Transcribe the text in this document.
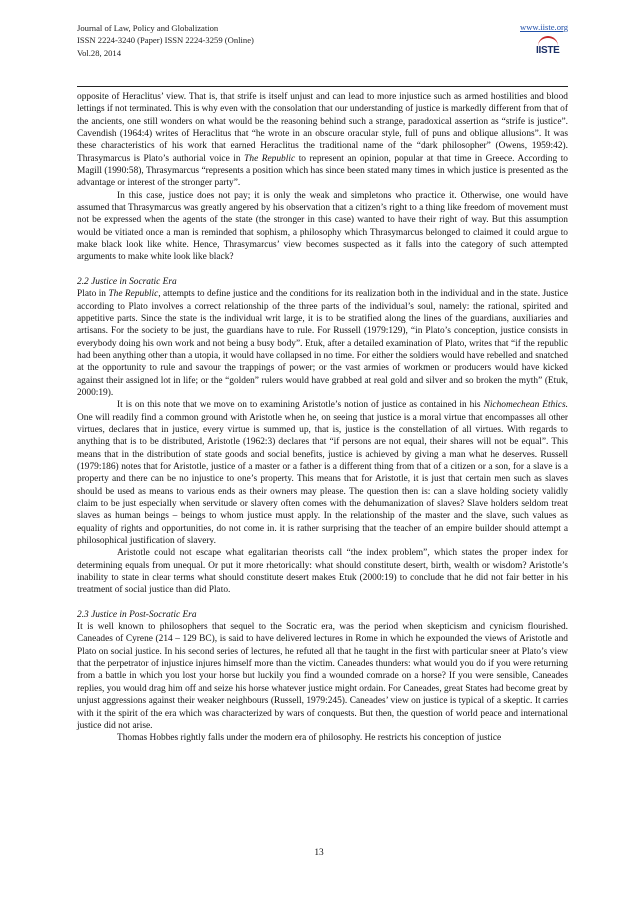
Journal of Law, Policy and Globalization
ISSN 2224-3240 (Paper) ISSN 2224-3259 (Online)
Vol.28, 2014
www.iiste.org
IISTE

opposite of Heraclitus’ view. That is, that strife is itself unjust and can lead to more injustice such as armed hostilities and blood lettings if not terminated. This is why even with the consolation that our understanding of justice is markedly different from that of the ancients, one still wonders on what would be the reasoning behind such a strange, paradoxical assertion as “strife is justice”. Cavendish (1964:4) writes of Heraclitus that “he wrote in an obscure oracular style, full of puns and oblique allusions”. It was these characteristics of his work that earned Heraclitus the traditional name of the “dark philosopher” (Owens, 1959:42). Thrasymarcus is Plato’s authorial voice in The Republic to represent an opinion, popular at that time in Greece. According to Magill (1990:58), Thrasymarcus “represents a position which has since been stated many times in which justice is presented as the advantage or interest of the stronger party”.

In this case, justice does not pay; it is only the weak and simpletons who practice it. Otherwise, one would have assumed that Thrasymarcus was greatly angered by his observation that a citizen’s right to a thing like freedom of movement must not be expressed when the agents of the state (the stronger in this case) wanted to have their right of way. But this assumption would be vitiated once a man is reminded that sophism, a philosophy which Thrasymarcus belonged to claimed it could argue to make black look like white. Hence, Thrasymarcus’ view becomes suspected as it falls into the category of such attempted arguments to make white look like black?

2.2 Justice in Socratic Era

Plato in The Republic, attempts to define justice and the conditions for its realization both in the individual and in the state. Justice according to Plato involves a correct relationship of the three parts of the individual’s soul, namely: the rational, spirited and appetitive parts. Since the state is the individual writ large, it is to be stratified along the lines of the guardians, auxiliaries and artisans. For the society to be just, the guardians have to rule. For Russell (1979:129), “in Plato’s conception, justice consists in everybody doing his own work and not being a busy body”. Etuk, after a detailed examination of Plato, writes that “if the republic had been anything other than a utopia, it would have collapsed in no time. For either the soldiers would have rebelled and snatched at the opportunity to rule and savour the trappings of power; or the vast armies of workmen or producers would have kicked against their assigned lot in life; or the “golden” rulers would have grabbed at real gold and silver and so broken the myth” (Etuk, 2000:19).

It is on this note that we move on to examining Aristotle’s notion of justice as contained in his Nichomechean Ethics. One will readily find a common ground with Aristotle when he, on seeing that justice is a moral virtue that encompasses all other virtues, declares that in justice, every virtue is summed up, that is, justice is the constellation of all virtues. With regards to anything that is to be distributed, Aristotle (1962:3) declares that “if persons are not equal, their shares will not be equal”. This means that in the distribution of state goods and social benefits, justice is achieved by giving a man what he deserves. Russell (1979:186) notes that for Aristotle, justice of a master or a father is a different thing from that of a citizen or a son, for a slave is a property and there can be no injustice to one’s property. This means that for Aristotle, it is just that certain men such as slaves should be used as means to various ends as their owners may please. The question then is: can a slave holding society validly claim to be just especially when servitude or slavery often comes with the dehumanization of slaves? Slave holders seldom treat slaves as human beings – beings to whom justice must apply. In the relationship of the master and the slave, such values as equality of rights and opportunities, do not come in. it is rather surprising that the teacher of an empire builder should attempt a philosophical justification of slavery.

Aristotle could not escape what egalitarian theorists call “the index problem”, which states the proper index for determining equals from unequal. Or put it more rhetorically: what should constitute desert, birth, wealth or wisdom? Aristotle’s inability to state in clear terms what should constitute desert makes Etuk (2000:19) to conclude that he did not fair better in his treatment of social justice than did Plato.

2.3 Justice in Post-Socratic Era

It is well known to philosophers that sequel to the Socratic era, was the period when skepticism and cynicism flourished. Caneades of Cyrene (214 – 129 BC), is said to have delivered lectures in Rome in which he expounded the views of Aristotle and Plato on social justice. In his second series of lectures, he refuted all that he taught in the first with particular sneer at Plato’s view that the perpetrator of injustice injures himself more than the victim. Caneades thunders: what would you do if you were returning from a battle in which you lost your horse but luckily you find a wounded comrade on a horse? If you were sensible, Caneades replies, you would drag him off and seize his horse whatever justice might ordain. For Caneades, great States had become great by unjust aggressions against their weaker neighbours (Russell, 1979:245). Caneades’ view on justice is typical of a skeptic. It carries with it the spirit of the era which was characterized by wars of conquests. But then, the question of world peace and international justice did not arise.

Thomas Hobbes rightly falls under the modern era of philosophy. He restricts his conception of justice

13
